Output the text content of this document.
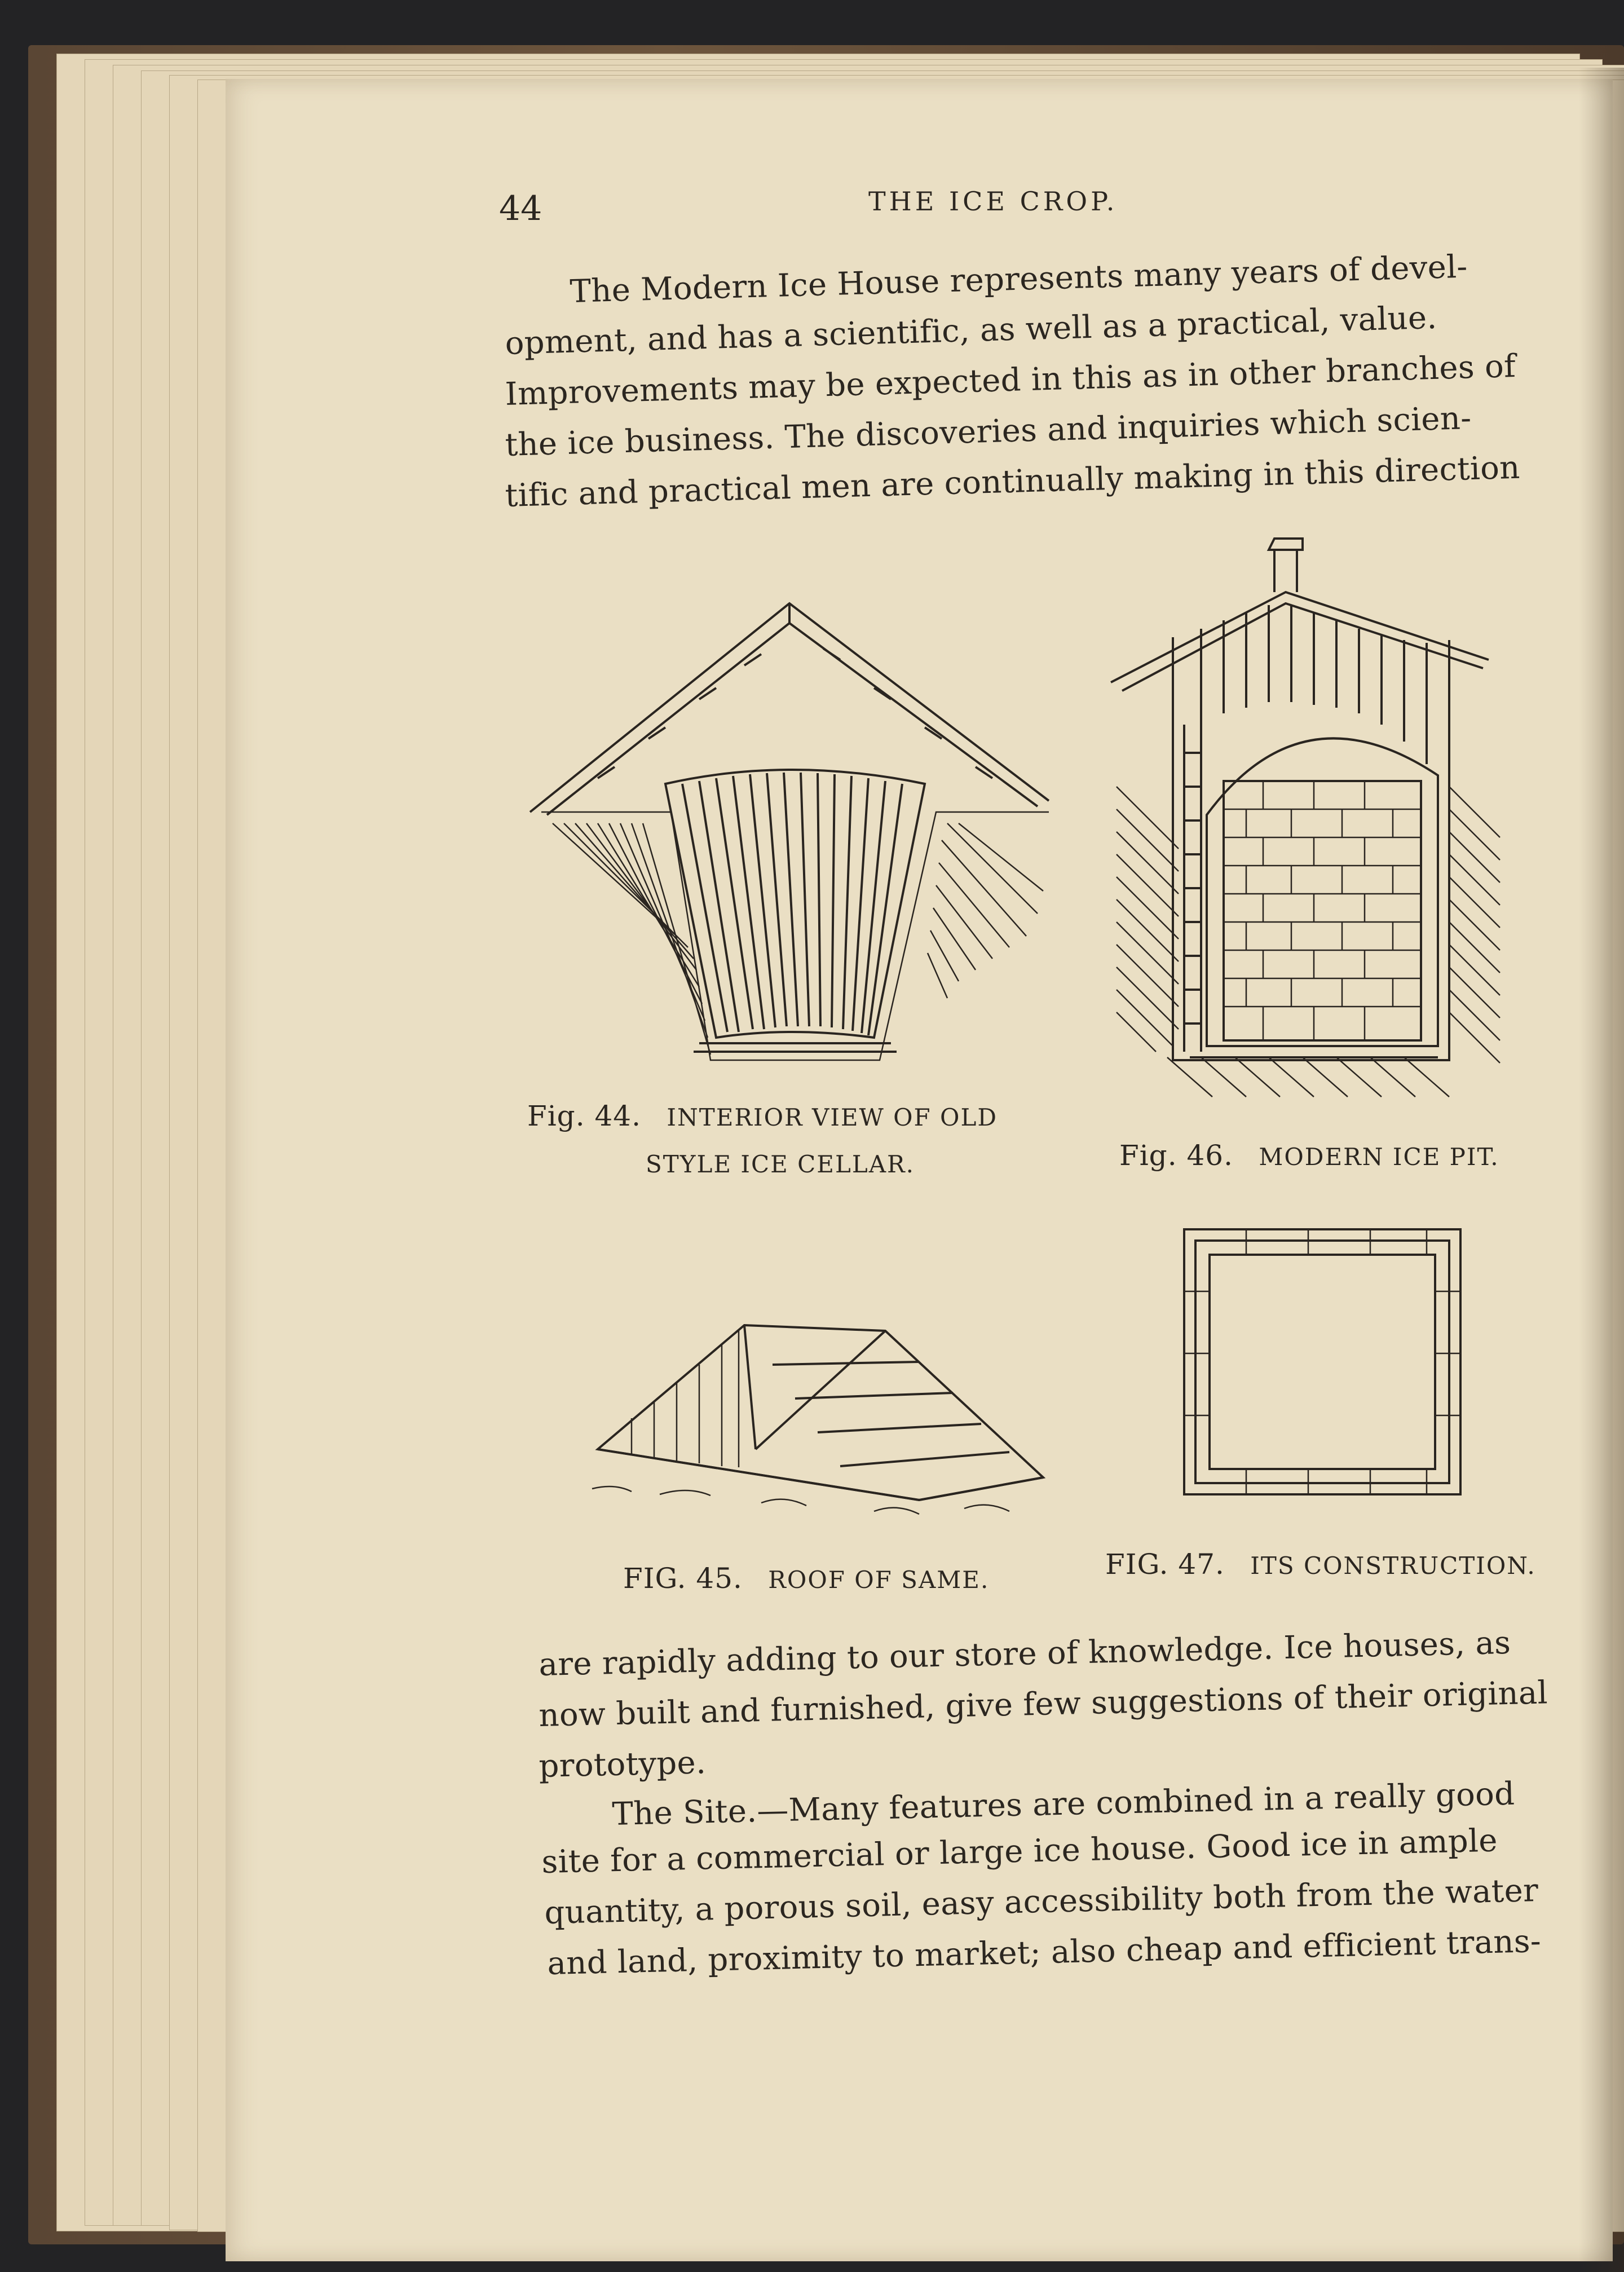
44	THE ICE CROP.
The Modern Ice House represents many years of devel-
opment, and has a scientific, as well as a practical, value.
Improvements may be expected in this as in other branches of
the ice business. The discoveries and inquiries which scien-
tific and practical men are continually making in this direction
Fig. 44. INTERIOR VIEW OF OLD
STYLE ICE CELLAR.	Fig. 46. MODERN ICE PIT.
FIG. 45. ROOF OF SAME.	FIG. 47. ITS CONSTRUCTION.
are rapidly adding to our store of knowledge. Ice houses, as
now built and furnished, give few suggestions of their original
prototype.
The Site.—Many features are combined in a really good
site for a commercial or large ice house. Good ice in ample
quantity, a porous soil, easy accessibility both from the water
and land, proximity to market; also cheap and efficient trans-
